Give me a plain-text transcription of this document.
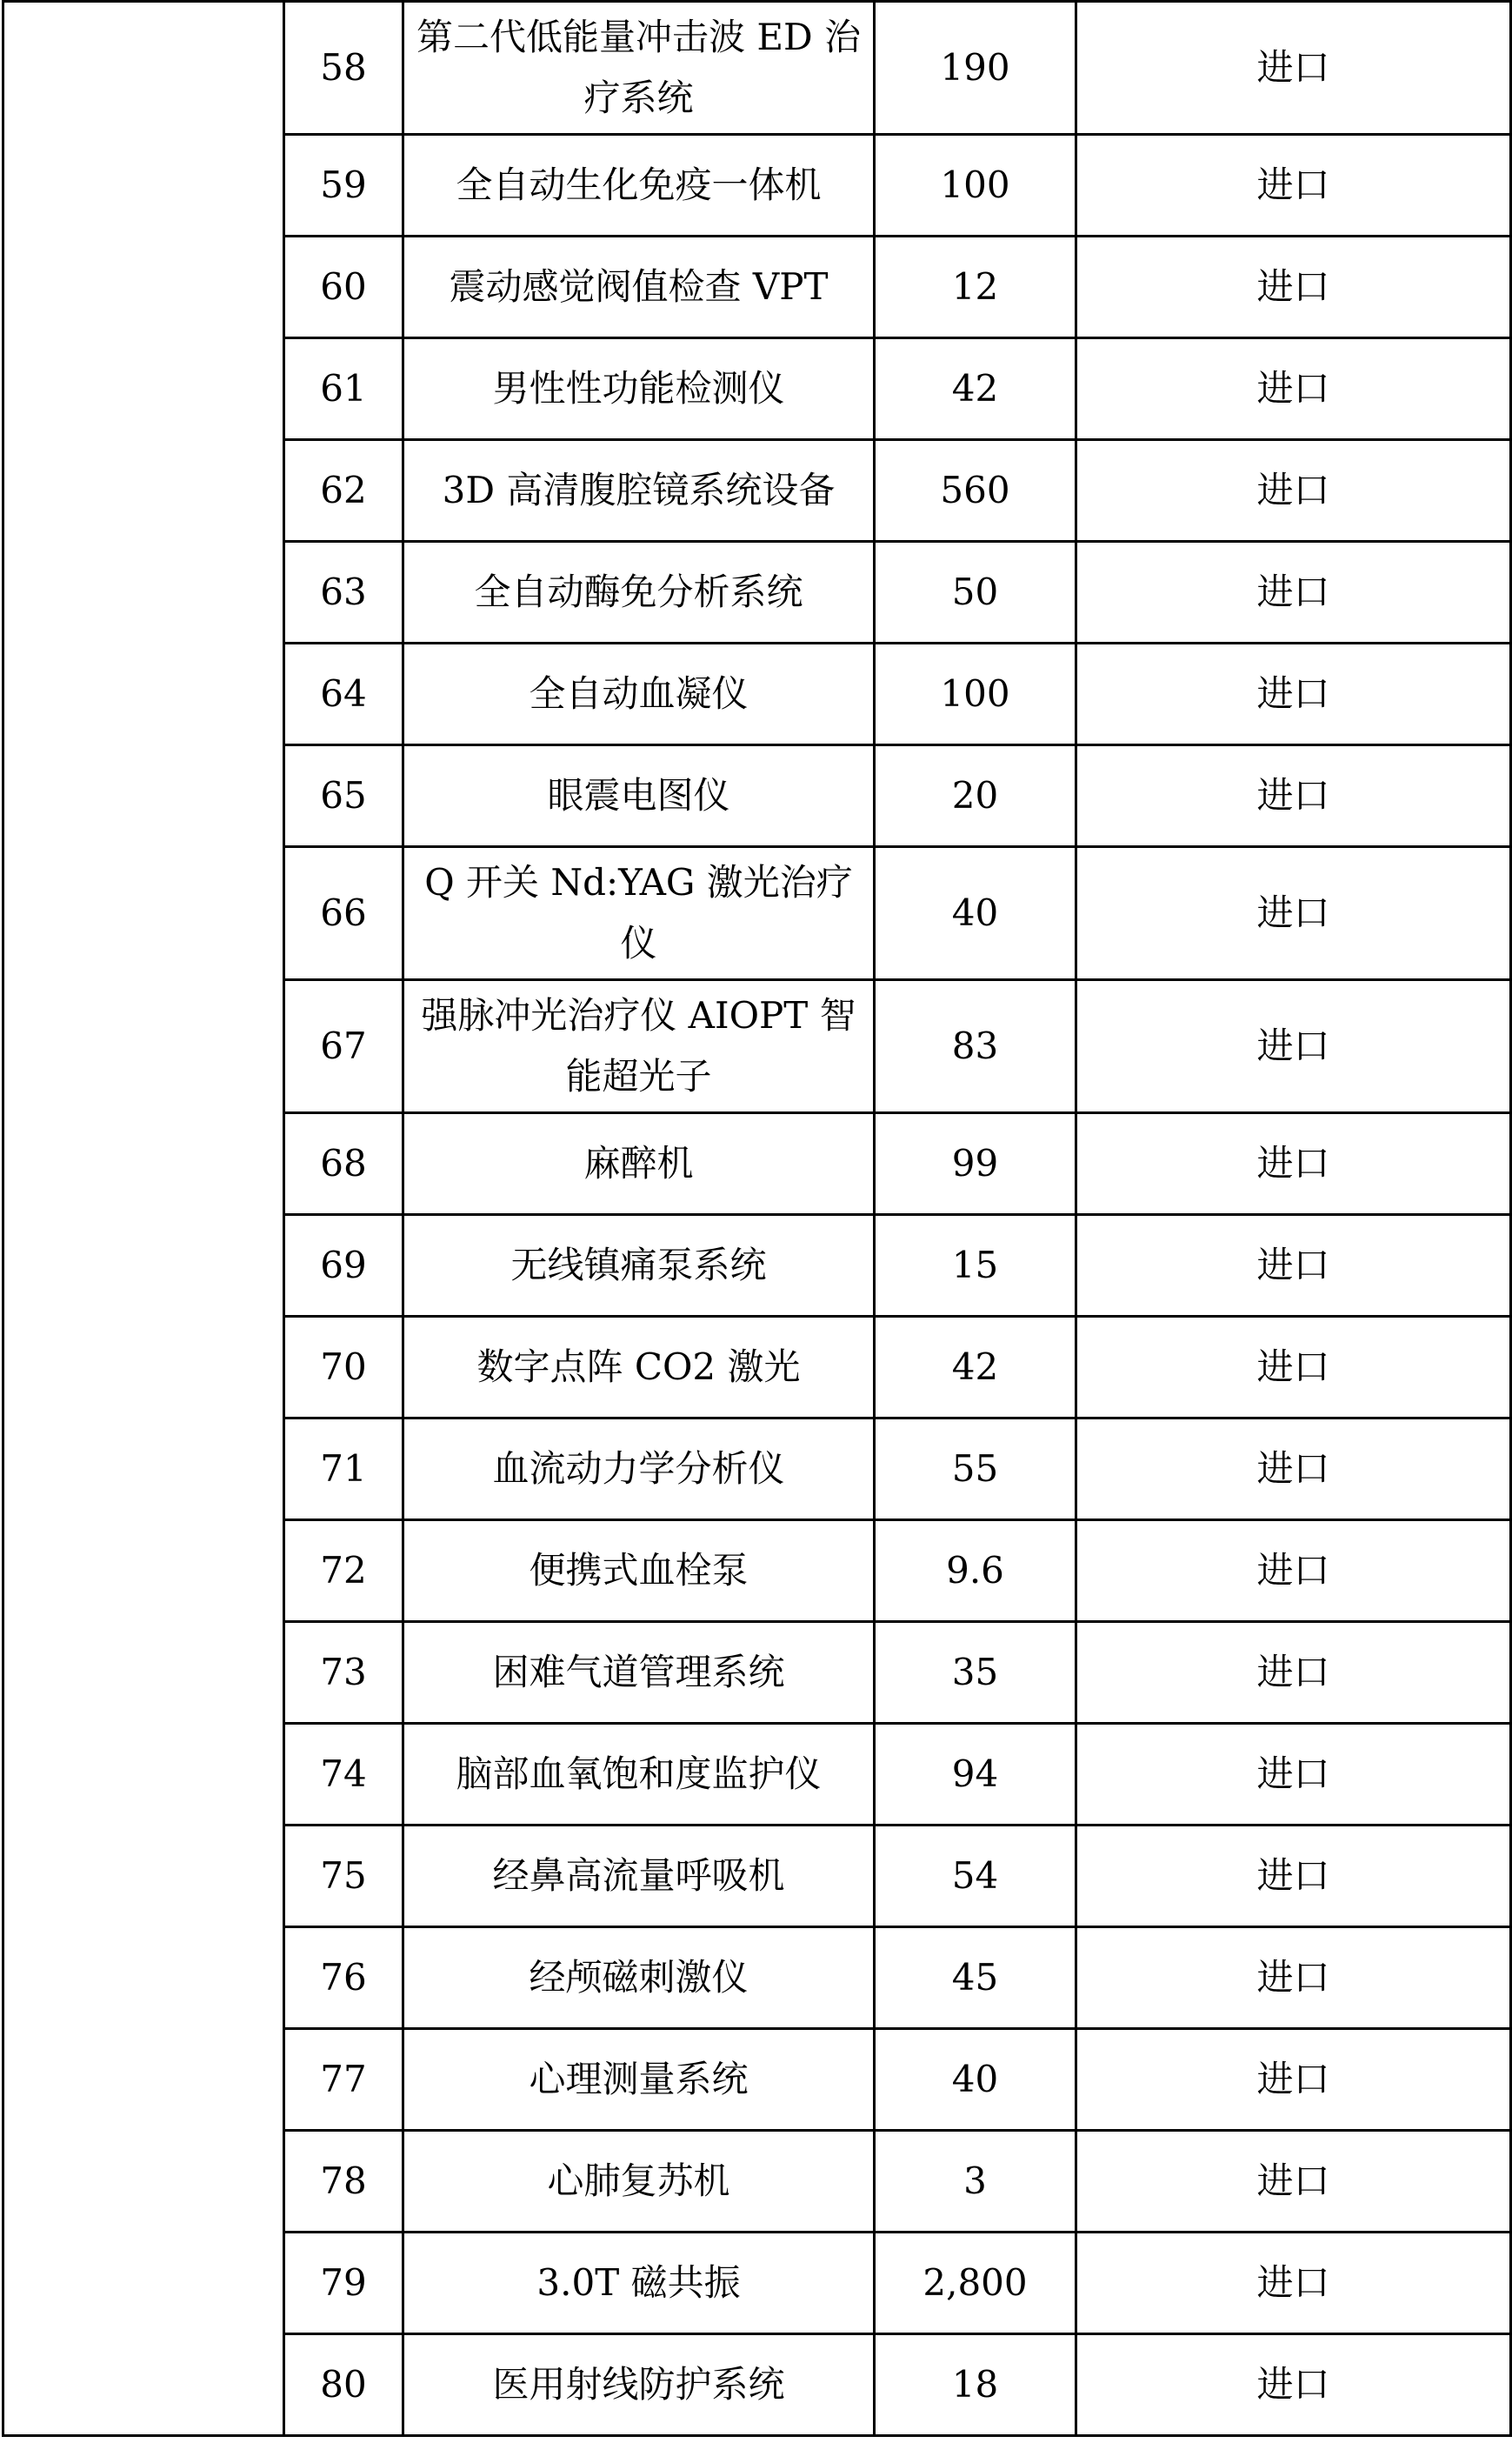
	58	第二代低能量冲击波 ED 治疗系统	190	进口
	59	全自动生化免疫一体机	100	进口
	60	震动感觉阀值检查 VPT	12	进口
	61	男性性功能检测仪	42	进口
	62	3D 高清腹腔镜系统设备	560	进口
	63	全自动酶免分析系统	50	进口
	64	全自动血凝仪	100	进口
	65	眼震电图仪	20	进口
	66	Q 开关 Nd:YAG 激光治疗仪	40	进口
	67	强脉冲光治疗仪 AIOPT 智能超光子	83	进口
	68	麻醉机	99	进口
	69	无线镇痛泵系统	15	进口
	70	数字点阵 CO2 激光	42	进口
	71	血流动力学分析仪	55	进口
	72	便携式血栓泵	9.6	进口
	73	困难气道管理系统	35	进口
	74	脑部血氧饱和度监护仪	94	进口
	75	经鼻高流量呼吸机	54	进口
	76	经颅磁刺激仪	45	进口
	77	心理测量系统	40	进口
	78	心肺复苏机	3	进口
	79	3.0T 磁共振	2,800	进口
	80	医用射线防护系统	18	进口
